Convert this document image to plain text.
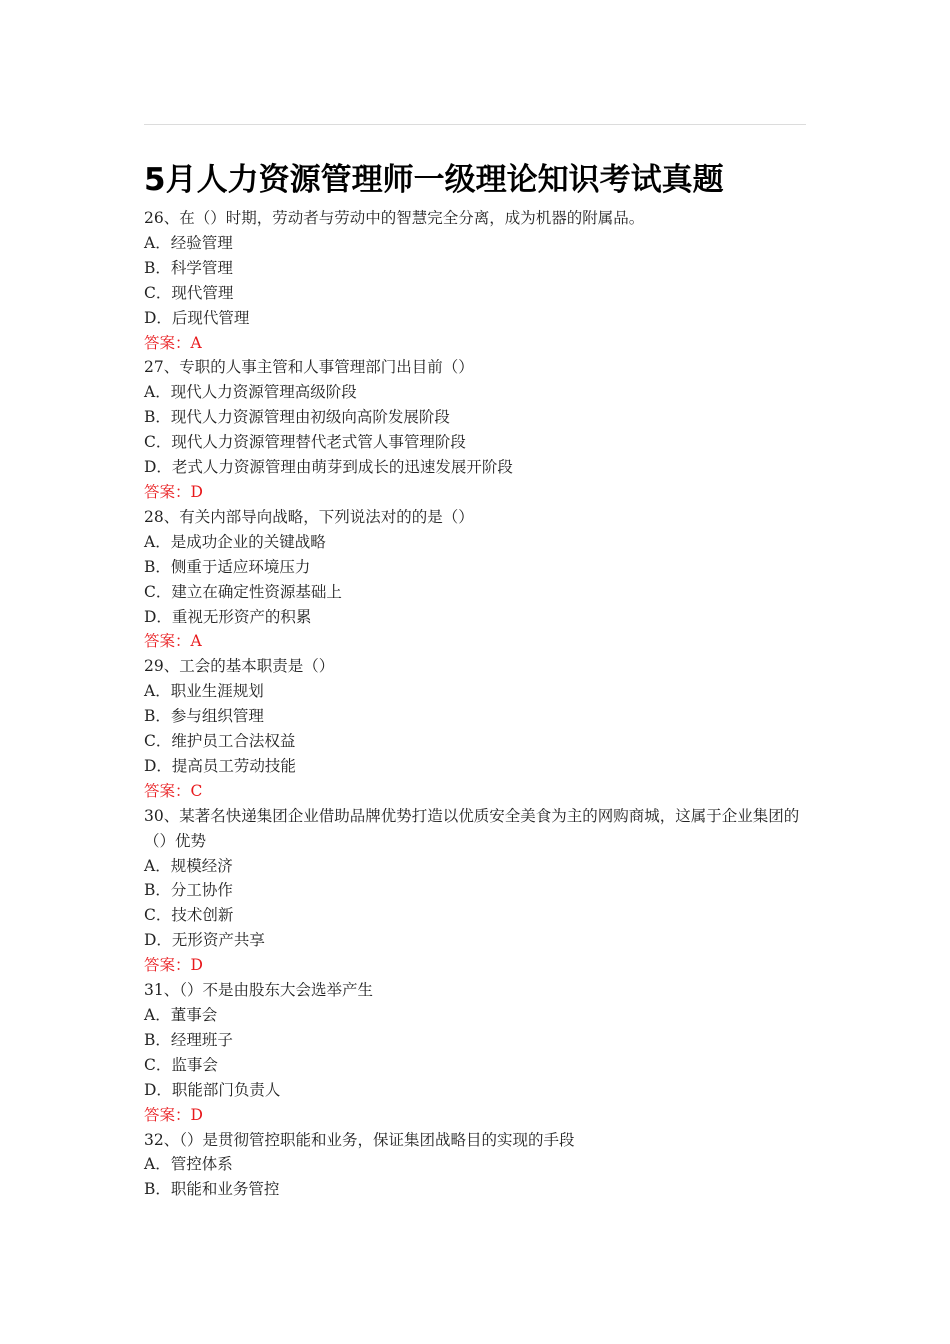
5月人力资源管理师一级理论知识考试真题

26、在（）时期，劳动者与劳动中的智慧完全分离，成为机器的附属品。

A．经验管理

B．科学管理

C．现代管理

D．后现代管理

答案：A

27、专职的人事主管和人事管理部门出目前（）

A．现代人力资源管理高级阶段

B．现代人力资源管理由初级向高阶发展阶段

C．现代人力资源管理替代老式管人事管理阶段

D．老式人力资源管理由萌芽到成长的迅速发展开阶段

答案：D

28、有关内部导向战略，下列说法对的的是（）

A．是成功企业的关键战略

B．侧重于适应环境压力

C．建立在确定性资源基础上

D．重视无形资产的积累

答案：A

29、工会的基本职责是（）

A．职业生涯规划

B．参与组织管理

C．维护员工合法权益

D．提高员工劳动技能

答案：C

30、某著名快递集团企业借助品牌优势打造以优质安全美食为主的网购商城，这属于企业集团的（）优势

A．规模经济

B．分工协作

C．技术创新

D．无形资产共享

答案：D

31、（）不是由股东大会选举产生

A．董事会

B．经理班子

C．监事会

D．职能部门负责人

答案：D

32、（）是贯彻管控职能和业务，保证集团战略目的实现的手段

A．管控体系

B．职能和业务管控
